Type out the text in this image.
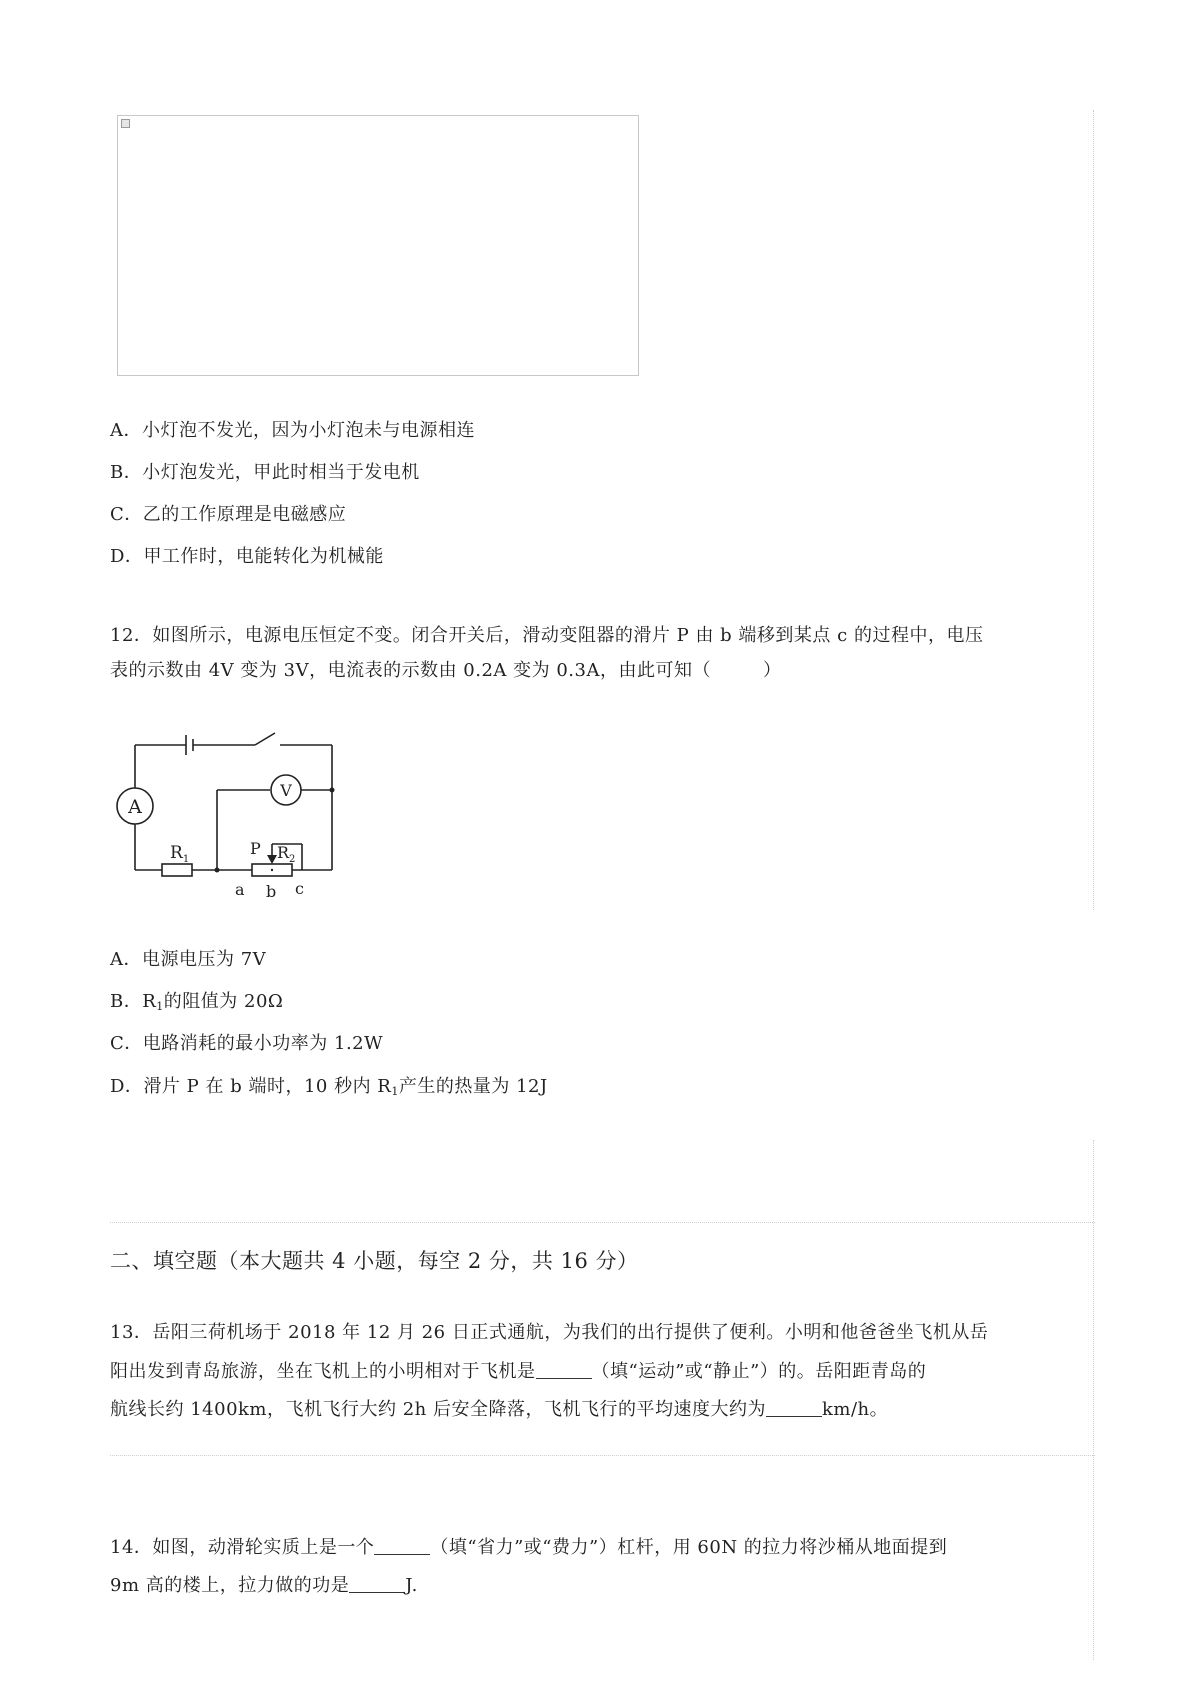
A．小灯泡不发光，因为小灯泡未与电源相连
B．小灯泡发光，甲此时相当于发电机
C．乙的工作原理是电磁感应
D．甲工作时，电能转化为机械能
12．如图所示，电源电压恒定不变。闭合开关后，滑动变阻器的滑片 P 由 b 端移到某点 c 的过程中，电压
表的示数由 4V 变为 3V，电流表的示数由 0.2A 变为 0.3A，由此可知（	）
A
V
$R_1$	$R_2$
P
a b c
A．电源电压为 7V
B．$R_1$的阻值为 20Ω
C．电路消耗的最小功率为 1.2W
D．滑片 P 在 b 端时，10 秒内 $R_1$产生的热量为 12J
二、填空题（本大题共 4 小题，每空 2 分，共 16 分）
13．岳阳三荷机场于 2018 年 12 月 26 日正式通航，为我们的出行提供了便利。小明和他爸爸坐飞机从岳
阳出发到青岛旅游，坐在飞机上的小明相对于飞机是	（填“运动”或“静止”）的。岳阳距青岛的
航线长约 1400km，飞机飞行大约 2h 后安全降落，飞机飞行的平均速度大约为	km/h。
14．如图，动滑轮实质上是一个	（填“省力”或“费力”）杠杆，用 60N 的拉力将沙桶从地面提到
9m 高的楼上，拉力做的功是	J.
